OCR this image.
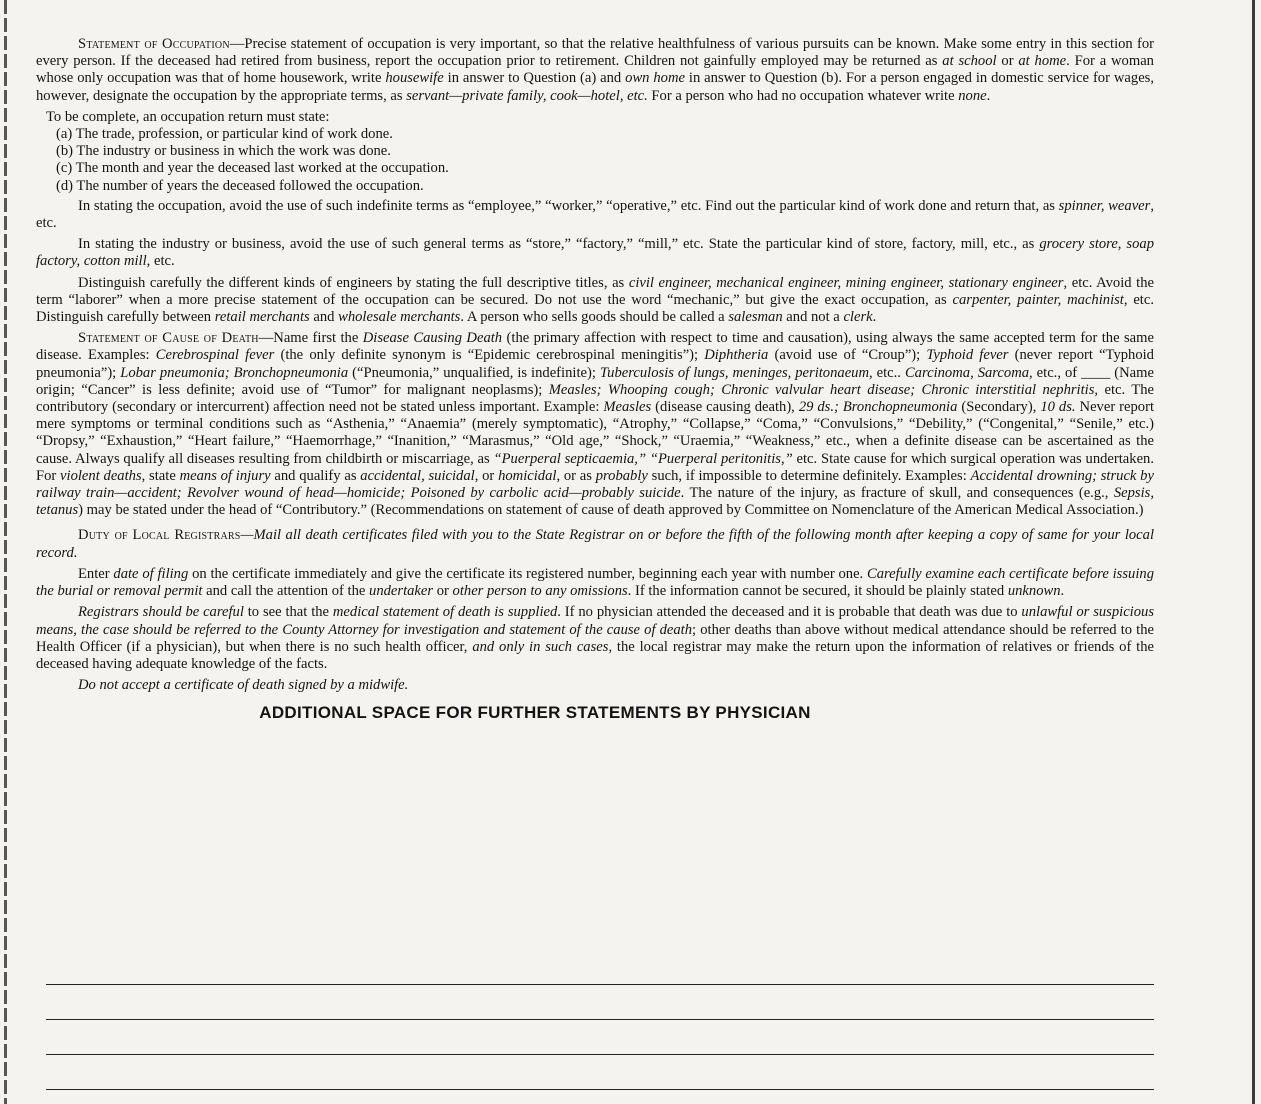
Statement of Occupation—Precise statement of occupation is very important, so that the relative healthfulness of various pursuits can be known. Make some entry in this section for every person. If the deceased had retired from business, report the occupation prior to retirement. Children not gainfully employed may be returned as at school or at home. For a woman whose only occupation was that of home housework, write housewife in answer to Question (a) and own home in answer to Question (b). For a person engaged in domestic service for wages, however, designate the occupation by the appropriate terms, as servant—private family, cook—hotel, etc. For a person who had no occupation whatever write none.

To be complete, an occupation return must state:
(a) The trade, profession, or particular kind of work done.
(b) The industry or business in which the work was done.
(c) The month and year the deceased last worked at the occupation.
(d) The number of years the deceased followed the occupation.

In stating the occupation, avoid the use of such indefinite terms as “employee,” “worker,” “operative,” etc. Find out the particular kind of work done and return that, as spinner, weaver, etc.

In stating the industry or business, avoid the use of such general terms as “store,” “factory,” “mill,” etc. State the particular kind of store, factory, mill, etc., as grocery store, soap factory, cotton mill, etc.

Distinguish carefully the different kinds of engineers by stating the full descriptive titles, as civil engineer, mechanical engineer, mining engineer, stationary engineer, etc. Avoid the term “laborer” when a more precise statement of the occupation can be secured. Do not use the word “mechanic,” but give the exact occupation, as carpenter, painter, machinist, etc. Distinguish carefully between retail merchants and wholesale merchants. A person who sells goods should be called a salesman and not a clerk.

Statement of Cause of Death—Name first the Disease Causing Death (the primary affection with respect to time and causation), using always the same accepted term for the same disease. Examples: Cerebrospinal fever (the only definite synonym is “Epidemic cerebrospinal meningitis”); Diphtheria (avoid use of “Croup”); Typhoid fever (never report “Typhoid pneumonia”); Lobar pneumonia; Bronchopneumonia (“Pneumonia,” unqualified, is indefinite); Tuberculosis of lungs, meninges, peritonaeum, etc.. Carcinoma, Sarcoma, etc., of ____ (Name origin; “Cancer” is less definite; avoid use of “Tumor” for malignant neoplasms); Measles; Whooping cough; Chronic valvular heart disease; Chronic interstitial nephritis, etc. The contributory (secondary or intercurrent) affection need not be stated unless important. Example: Measles (disease causing death), 29 ds.; Bronchopneumonia (Secondary), 10 ds. Never report mere symptoms or terminal conditions such as “Asthenia,” “Anaemia” (merely symptomatic), “Atrophy,” “Collapse,” “Coma,” “Convulsions,” “Debility,” (“Congenital,” “Senile,” etc.) “Dropsy,” “Exhaustion,” “Heart failure,” “Haemorrhage,” “Inanition,” “Marasmus,” “Old age,” “Shock,” “Uraemia,” “Weakness,” etc., when a definite disease can be ascertained as the cause. Always qualify all diseases resulting from childbirth or miscarriage, as “Puerperal septicaemia,” “Puerperal peritonitis,” etc. State cause for which surgical operation was undertaken. For violent deaths, state means of injury and qualify as accidental, suicidal, or homicidal, or as probably such, if impossible to determine definitely. Examples: Accidental drowning; struck by railway train—accident; Revolver wound of head—homicide; Poisoned by carbolic acid—probably suicide. The nature of the injury, as fracture of skull, and consequences (e.g., Sepsis, tetanus) may be stated under the head of “Contributory.” (Recommendations on statement of cause of death approved by Committee on Nomenclature of the American Medical Association.)

Duty of Local Registrars—Mail all death certificates filed with you to the State Registrar on or before the fifth of the following month after keeping a copy of same for your local record.

Enter date of filing on the certificate immediately and give the certificate its registered number, beginning each year with number one. Carefully examine each certificate before issuing the burial or removal permit and call the attention of the undertaker or other person to any omissions. If the information cannot be secured, it should be plainly stated unknown.

Registrars should be careful to see that the medical statement of death is supplied. If no physician attended the deceased and it is probable that death was due to unlawful or suspicious means, the case should be referred to the County Attorney for investigation and statement of the cause of death; other deaths than above without medical attendance should be referred to the Health Officer (if a physician), but when there is no such health officer, and only in such cases, the local registrar may make the return upon the information of relatives or friends of the deceased having adequate knowledge of the facts.

Do not accept a certificate of death signed by a midwife.

ADDITIONAL SPACE FOR FURTHER STATEMENTS BY PHYSICIAN
